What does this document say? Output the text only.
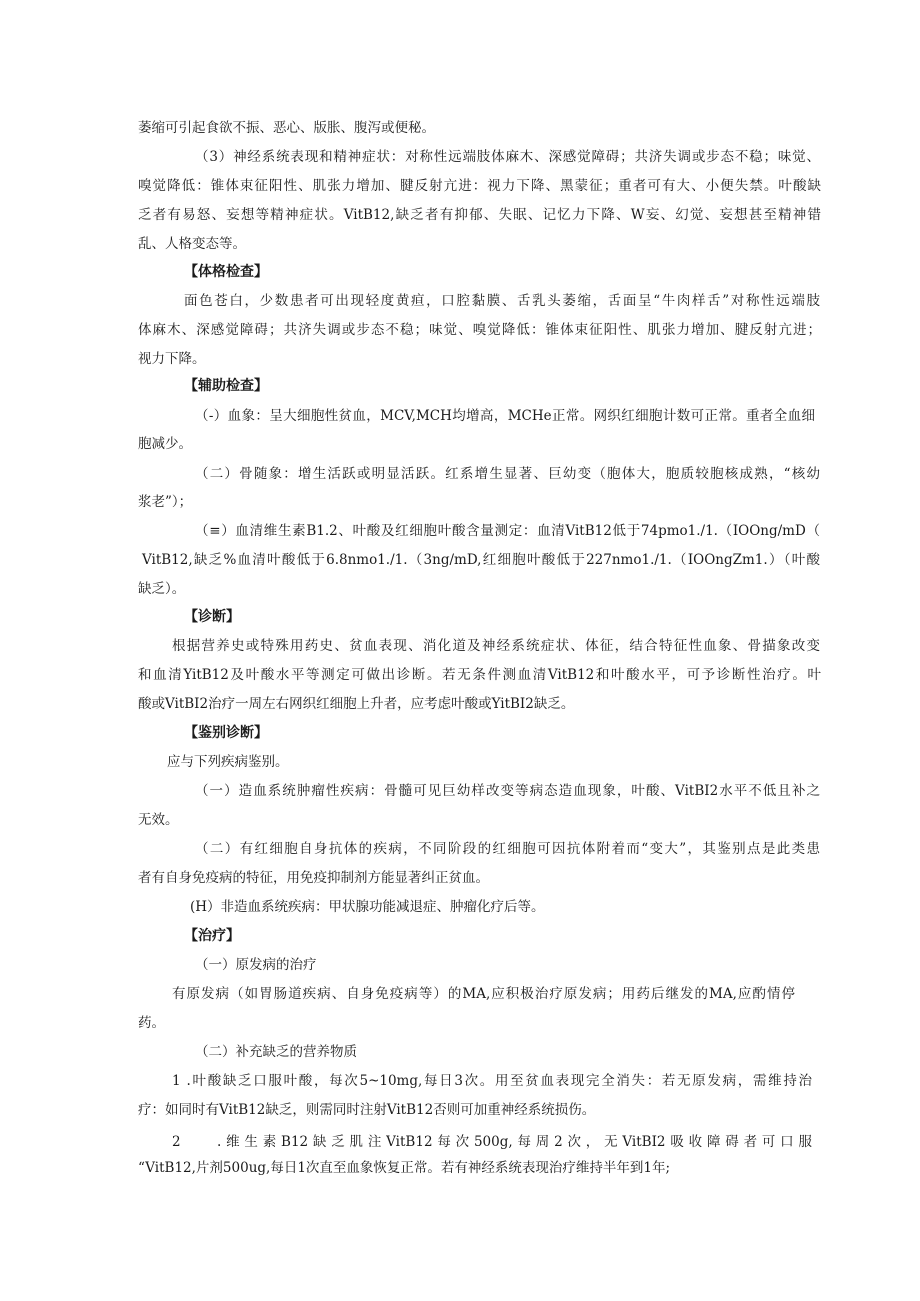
萎缩可引起食欲不振、恶心、版胀、腹泻或便秘。
（3）神经系统表现和精神症状：对称性远端肢体麻木、深感觉障碍；共济失调或步态不稳；味觉、
嗅觉降低：锥体束征阳性、肌张力增加、腱反射亢进：视力下降、黑蒙征；重者可有大、小便失禁。叶酸缺
乏者有易怒、妄想等精神症状。VitB12,缺乏者有抑郁、失眠、记忆力下降、W妄、幻觉、妄想甚至精神错
乱、人格变态等。
【体格检查】
面色苍白，少数患者可出现轻度黄疸，口腔黏膜、舌乳头萎缩，舌面呈“牛肉样舌”对称性远端肢
体麻木、深感觉障碍；共济失调或步态不稳；味觉、嗅觉降低：锥体束征阳性、肌张力增加、腱反射亢进；
视力下降。
【辅助检查】
（-）血象：呈大细胞性贫血，MCV,MCH均增高，MCHe正常。网织红细胞计数可正常。重者全血细
胞减少。
（二）骨随象：增生活跃或明显活跃。红系增生显著、巨幼变（胞体大，胞质较胞核成熟，“核幼
浆老”）；
（≡）血清维生素B1.2、叶酸及红细胞叶酸含量测定：血清VitB12低于74pmo1./1.（IOOng/mD（
VitB12,缺乏%血清叶酸低于6.8nmo1./1.（3ng/mD,红细胞叶酸低于227nmo1./1.（IOOngZm1.）（叶酸
缺乏）。
【诊断】
根据营养史或特殊用药史、贫血表现、消化道及神经系统症状、体征，结合特征性血象、骨描象改变
和血清YitB12及叶酸水平等测定可做出诊断。若无条件测血清VitB12和叶酸水平，可予诊断性治疗。叶
酸或VitBI2治疗一周左右网织红细胞上升者，应考虑叶酸或YitBI2缺乏。
【鉴别诊断】
应与下列疾病鉴别。
（一）造血系统肿瘤性疾病：骨髓可见巨幼样改变等病态造血现象，叶酸、VitBI2水平不低且补之
无效。
（二）有红细胞自身抗体的疾病，不同阶段的红细胞可因抗体附着而“变大”，其鉴别点是此类患
者有自身免疫病的特征，用免疫抑制剂方能显著纠正贫血。
(H）非造血系统疾病：甲状腺功能减退症、肿瘤化疗后等。
【治疗】
（一）原发病的治疗
有原发病（如胃肠道疾病、自身免疫病等）的MA,应积极治疗原发病；用药后继发的MA,应酌情停
药。
（二）补充缺乏的营养物质
1 .叶酸缺乏口服叶酸，每次5~10mg,每日3次。用至贫血表现完全消失：若无原发病，需维持治
疗：如同时有VitB12缺乏，则需同时注射VitB12否则可加重神经系统损伤。
2    .维生素B12缺乏肌注VitB12每次500g,每周2次，无VitBI2吸收障碍者可口服
“VitB12,片剂500ug,每日1次直至血象恢复正常。若有神经系统表现治疗维持半年到1年;
